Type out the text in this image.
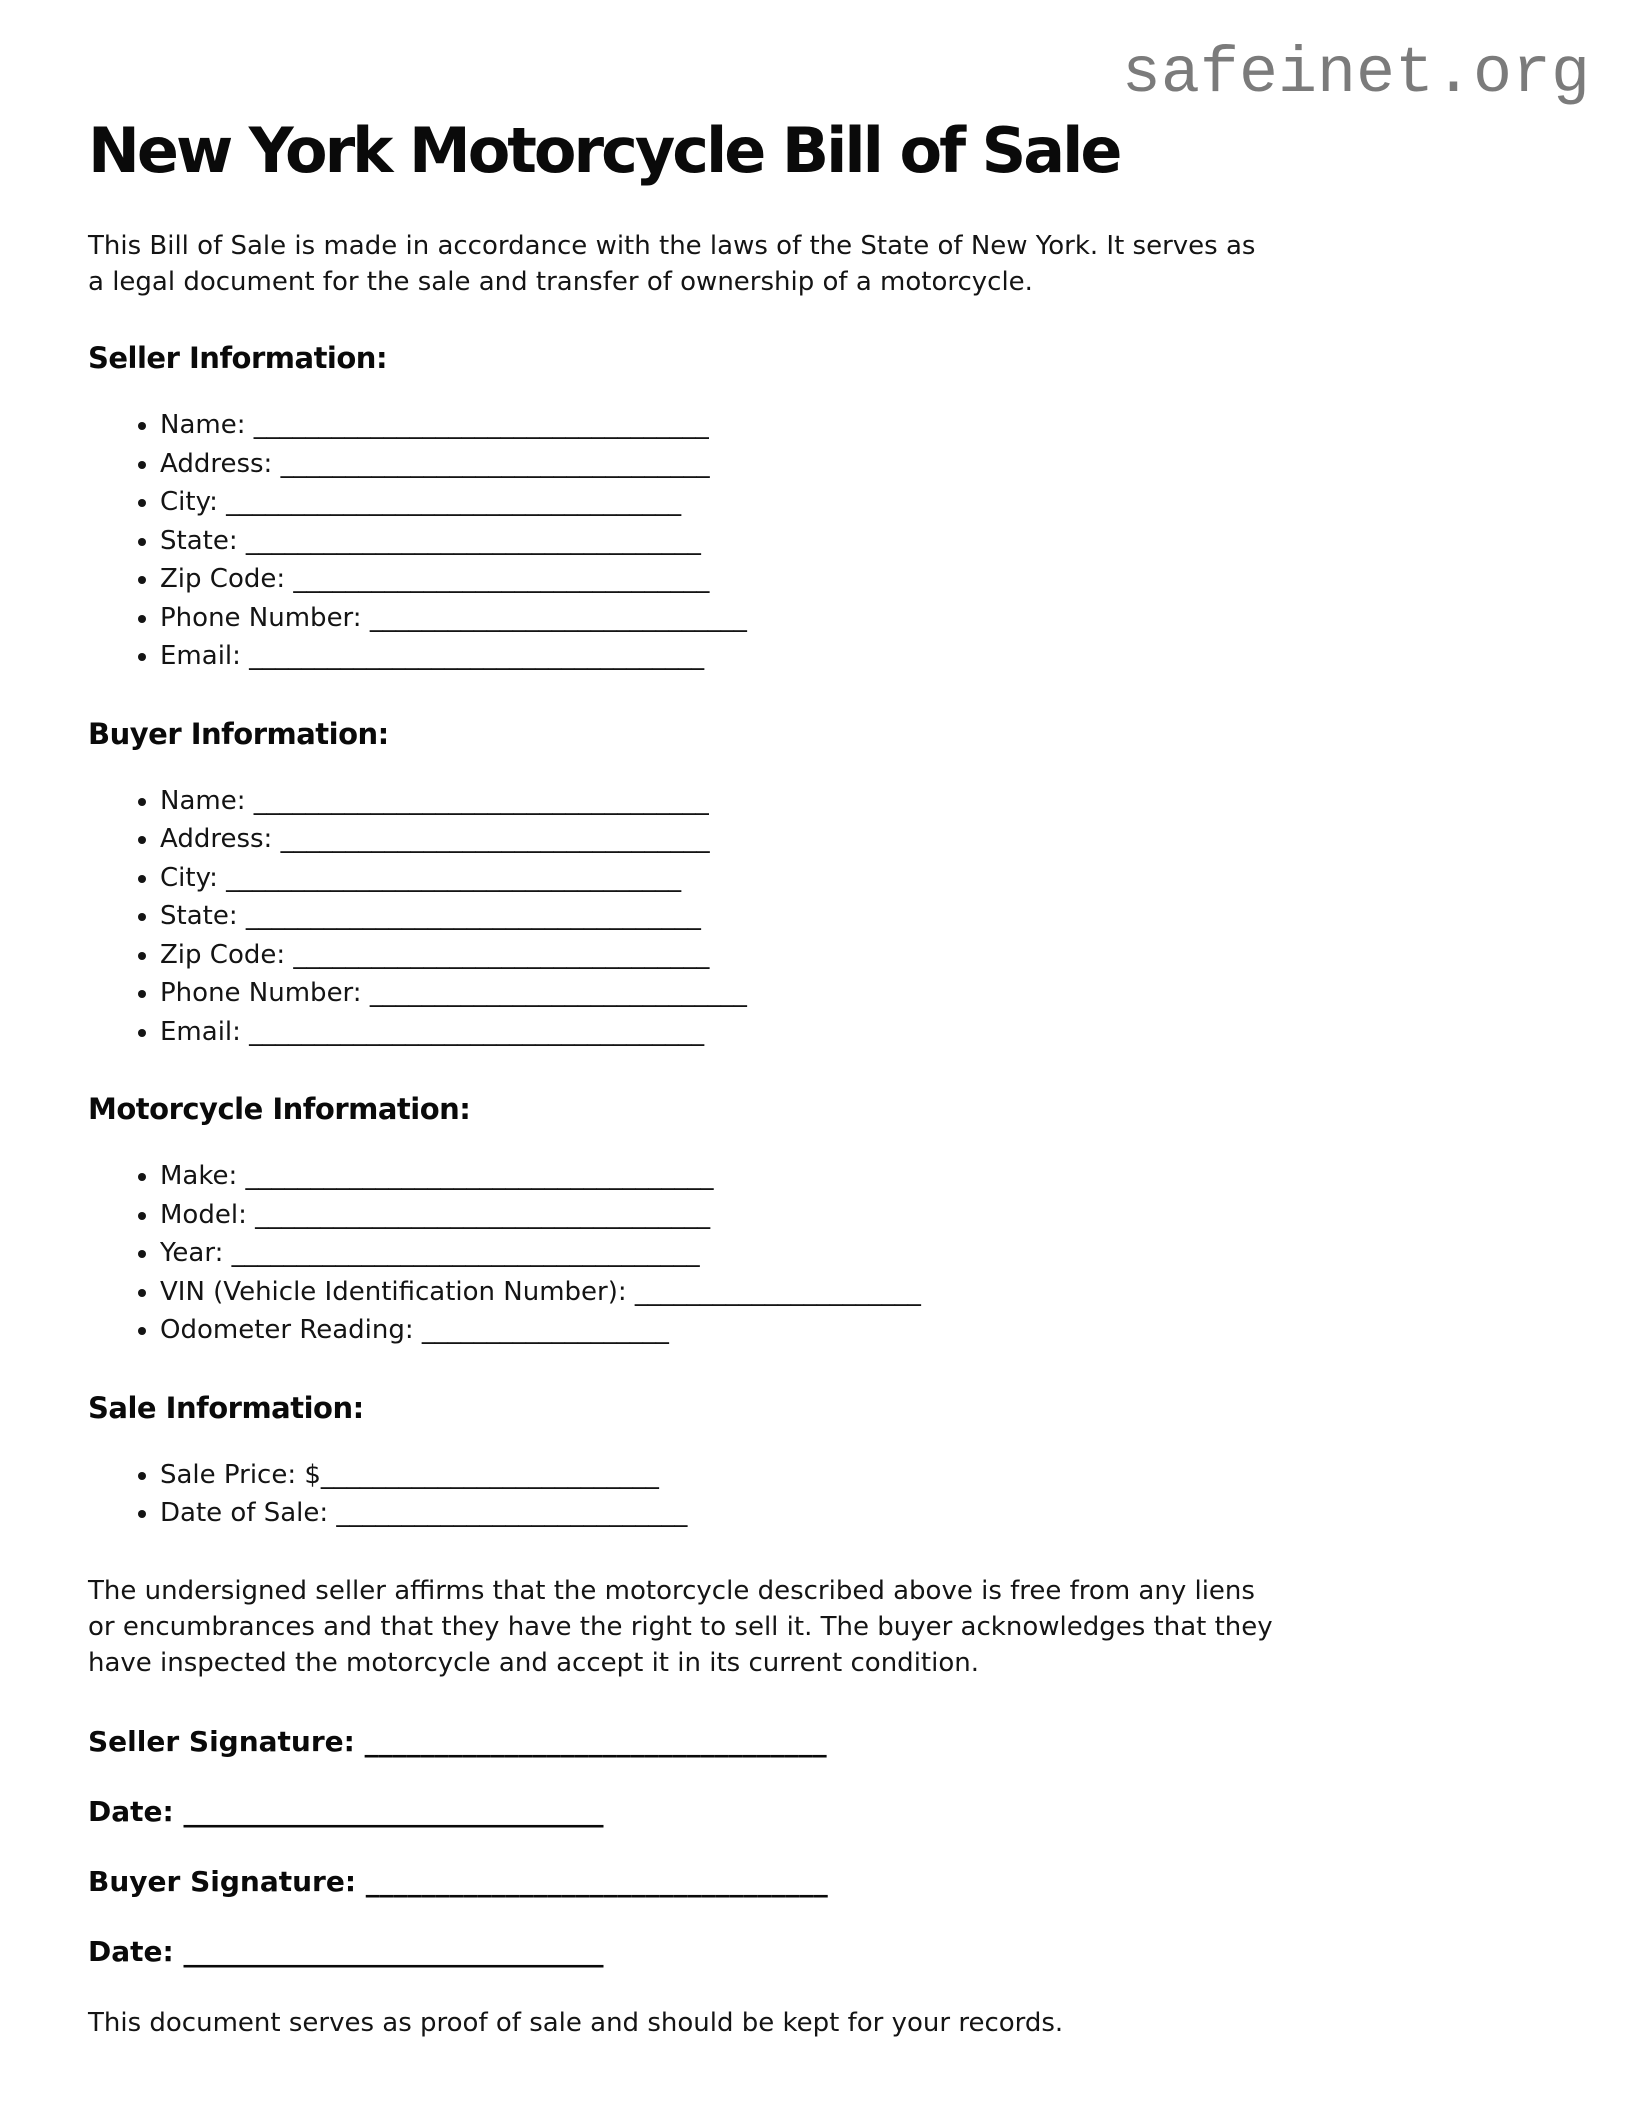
safeinet.org
New York Motorcycle Bill of Sale

This Bill of Sale is made in accordance with the laws of the State of New York. It serves as
a legal document for the sale and transfer of ownership of a motorcycle.

Seller Information:
• Name: ___________________________________
• Address: _________________________________
• City: ___________________________________
• State: ___________________________________
• Zip Code: ________________________________
• Phone Number: _____________________________
• Email: ___________________________________
Buyer Information:
• Name: ___________________________________
• Address: _________________________________
• City: ___________________________________
• State: ___________________________________
• Zip Code: ________________________________
• Phone Number: _____________________________
• Email: ___________________________________
Motorcycle Information:
• Make: ____________________________________
• Model: ___________________________________
• Year: ____________________________________
• VIN (Vehicle Identification Number): ______________________
• Odometer Reading: ___________________
Sale Information:
• Sale Price: $__________________________
• Date of Sale: ___________________________

The undersigned seller affirms that the motorcycle described above is free from any liens
or encumbrances and that they have the right to sell it. The buyer acknowledges that they
have inspected the motorcycle and accept it in its current condition.

Seller Signature: _________________________________
Date: ______________________________
Buyer Signature: _________________________________
Date: ______________________________

This document serves as proof of sale and should be kept for your records.
